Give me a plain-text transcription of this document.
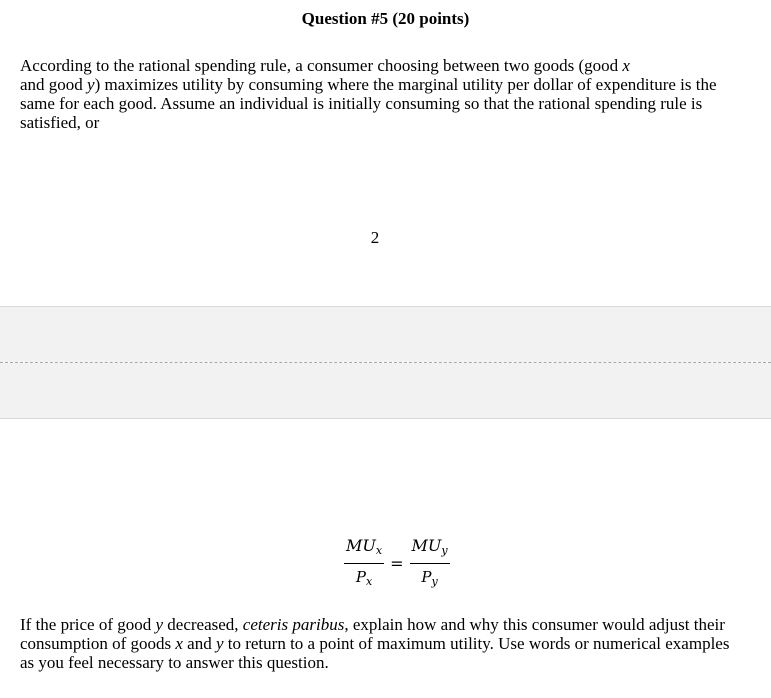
Question #5 (20 points)

According to the rational spending rule, a consumer choosing between two goods (good x
and good y) maximizes utility by consuming where the marginal utility per dollar of expenditure is the same for each good. Assume an individual is initially consuming so that the rational spending rule is satisfied, or

2
$\frac{MU_x}{P_x} = \frac{MU_y}{P_y}$

If the price of good y decreased, ceteris paribus, explain how and why this consumer would adjust their consumption of goods x and y to return to a point of maximum utility. Use words or numerical examples as you feel necessary to answer this question.
